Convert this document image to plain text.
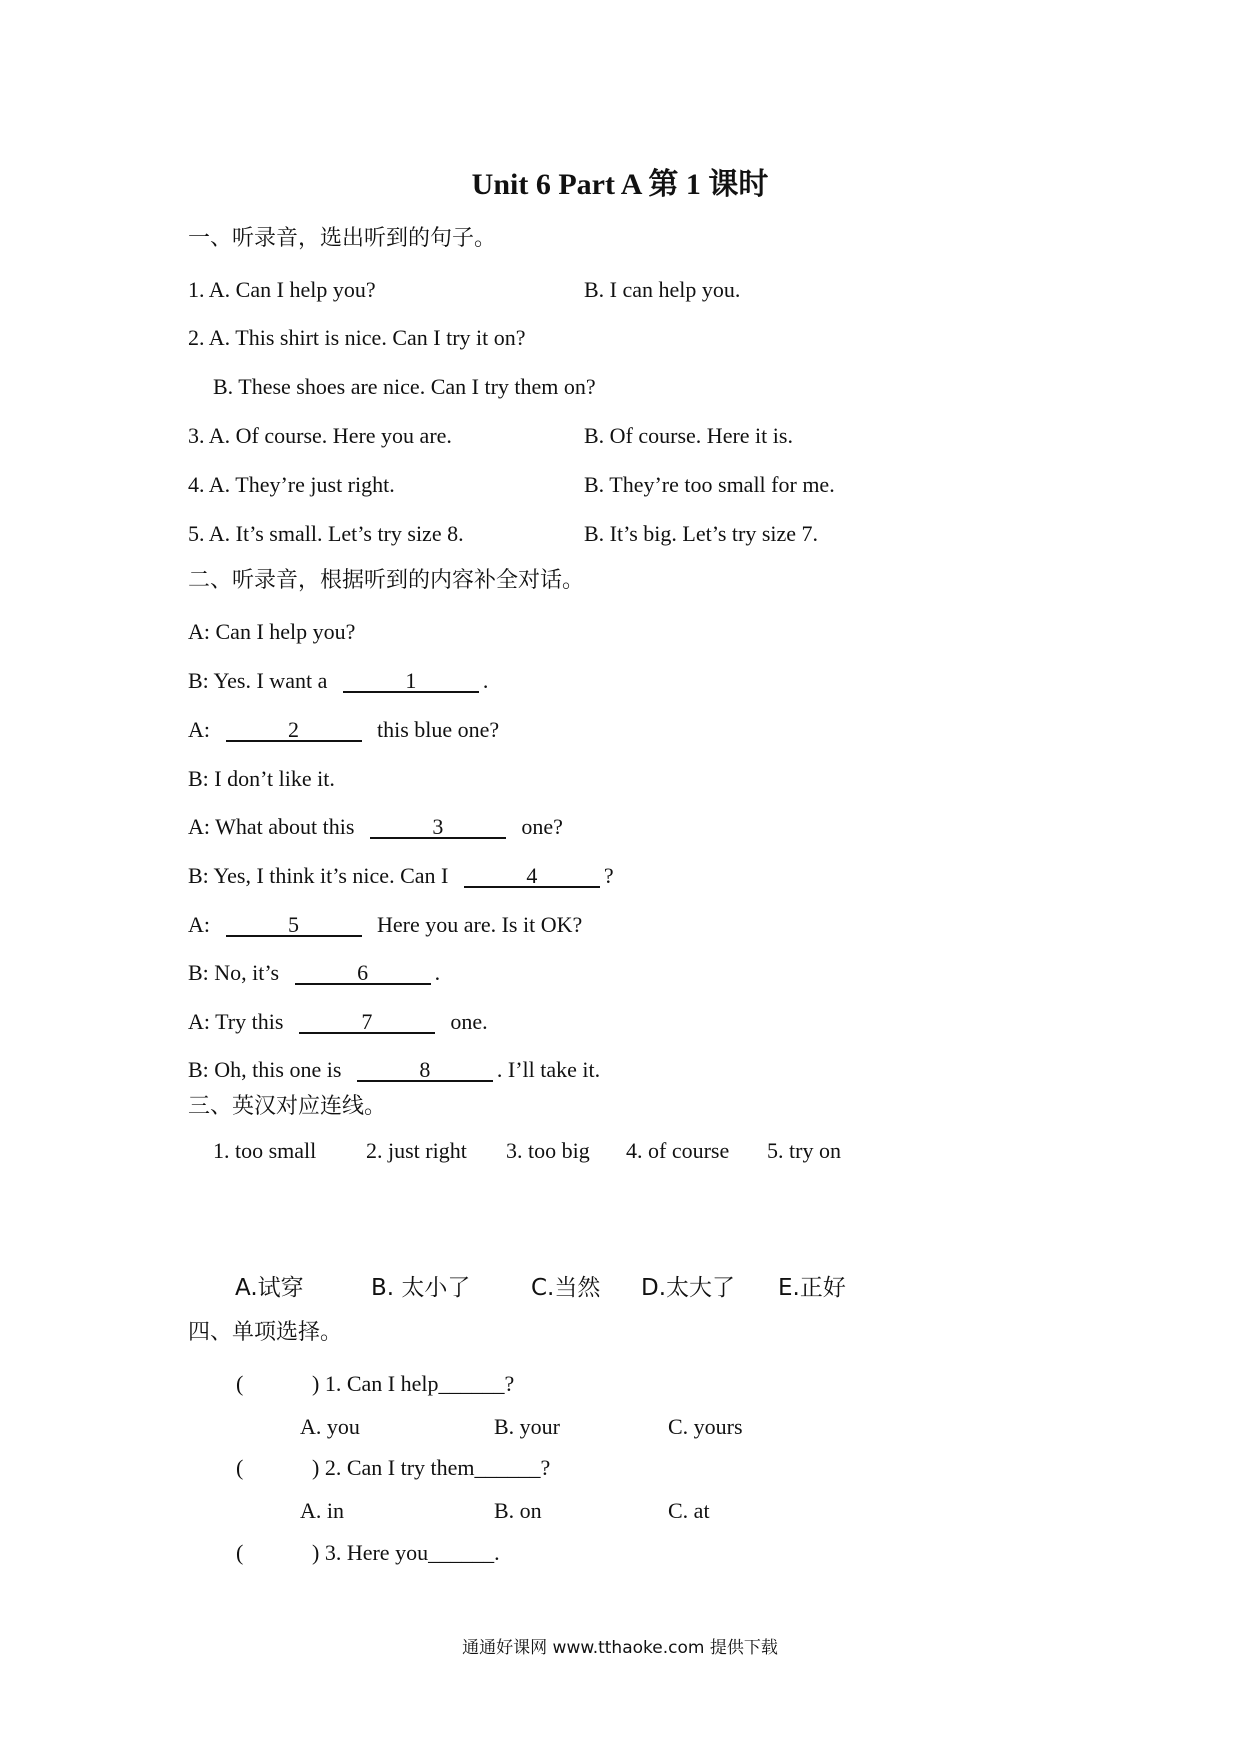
Unit 6 Part A 第 1 课时
一、听录音，选出听到的句子。
1. A. Can I help you?	B. I can help you.
2. A. This shirt is nice. Can I try it on?
B. These shoes are nice. Can I try them on?
3. A. Of course. Here you are.	B. Of course. Here it is.
4. A. They’re just right.	B. They’re too small for me.
5. A. It’s small. Let’s try size 8.	B. It’s big. Let’s try size 7.
二、听录音，根据听到的内容补全对话。
A: Can I help you?
B: Yes. I want a	1	.
A:	2	this blue one?
B: I don’t like it.
A: What about this	3	one?
B: Yes, I think it’s nice. Can I	4	?
A:	5	Here you are. Is it OK?
B: No, it’s	6	.
A: Try this	7	one.
B: Oh, this one is	8	. I’ll take it.
三、英汉对应连线。
1. too small 2. just right 3. too big 4. of course 5. try on
A.试穿	B. 太小了	C.当然 D.太大了 E.正好
四、单项选择。
(	) 1. Can I help______?
A. you	B. your	C. yours
(	) 2. Can I try them______?
A. in	B. on	C. at
(	) 3. Here you______.
通通好课网 www.tthaoke.com 提供下载
